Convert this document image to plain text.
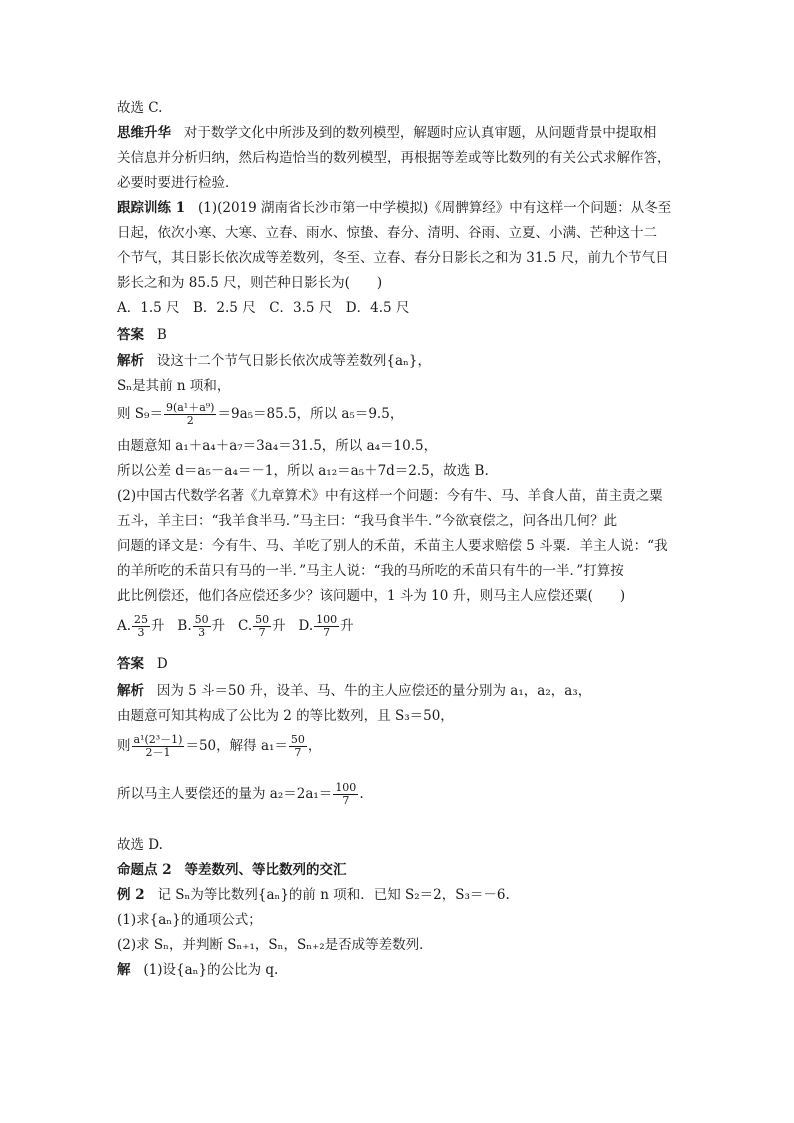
故选 C.
思维升华 对于数学文化中所涉及到的数列模型，解题时应认真审题，从问题背景中提取相
关信息并分析归纳，然后构造恰当的数列模型，再根据等差或等比数列的有关公式求解作答，
必要时要进行检验．
跟踪训练 1 (1)(2019 湖南省长沙市第一中学模拟)《周髀算经》中有这样一个问题：从冬至
日起，依次小寒、大寒、立春、雨水、惊蛰、春分、清明、谷雨、立夏、小满、芒种这十二
个节气，其日影长依次成等差数列，冬至、立春、春分日影长之和为 31.5 尺，前九个节气日
影长之和为 85.5 尺，则芒种日影长为(　　)
A．1.5 尺　B．2.5 尺　C．3.5 尺　D．4.5 尺
答案 B
解析 设这十二个节气日影长依次成等差数列{aₙ}，
Sₙ是其前 n 项和，
则 $S_9= \frac{\text{9(a¹＋a⁹)}}{2} =9a_5=85.5$，所以 a₅＝9.5，
由题意知 a₁＋a₄＋a₇＝3a₄＝31.5，所以 a₄＝10.5，
所以公差 d＝a₅－a₄＝－1，所以 a₁₂＝a₅＋7d＝2.5，故选 B.
(2)中国古代数学名著《九章算术》中有这样一个问题：今有牛、马、羊食人苗，苗主责之粟
五斗，羊主曰：“我羊食半马．”马主曰：“我马食半牛．”今欲衰偿之，问各出几何？此
问题的译文是：今有牛、马、羊吃了别人的禾苗，禾苗主人要求赔偿 5 斗粟．羊主人说：“我
的羊所吃的禾苗只有马的一半．”马主人说：“我的马所吃的禾苗只有牛的一半．”打算按
此比例偿还，他们各应偿还多少？该问题中，1 斗为 10 升，则马主人应偿还粟(　　)
A. $\frac{25}{3}$ 升 B. $\frac{50}{3}$ 升 C. $\frac{50}{7}$ 升 D. $\frac{100}{7}$ 升
答案 D
解析 因为 5 斗＝50 升，设羊、马、牛的主人应偿还的量分别为 a₁，a₂，a₃，
由题意可知其构成了公比为 2 的等比数列，且 S₃＝50，
则 $\frac{\text{a¹(2³－1)}}{2-1} =50$，解得 $a_1= \frac{50}{7}$ ，
所以马主人要偿还的量为 $a_2=2a_1= \frac{100}{7}$ .
故选 D.
命题点 2 等差数列、等比数列的交汇
例 2 记 Sₙ为等比数列{aₙ}的前 n 项和．已知 S₂＝2，S₃＝－6.
(1)求{aₙ}的通项公式；
(2)求 Sₙ，并判断 Sₙ₊₁，Sₙ，Sₙ₊₂是否成等差数列．
解 (1)设{aₙ}的公比为 q.
